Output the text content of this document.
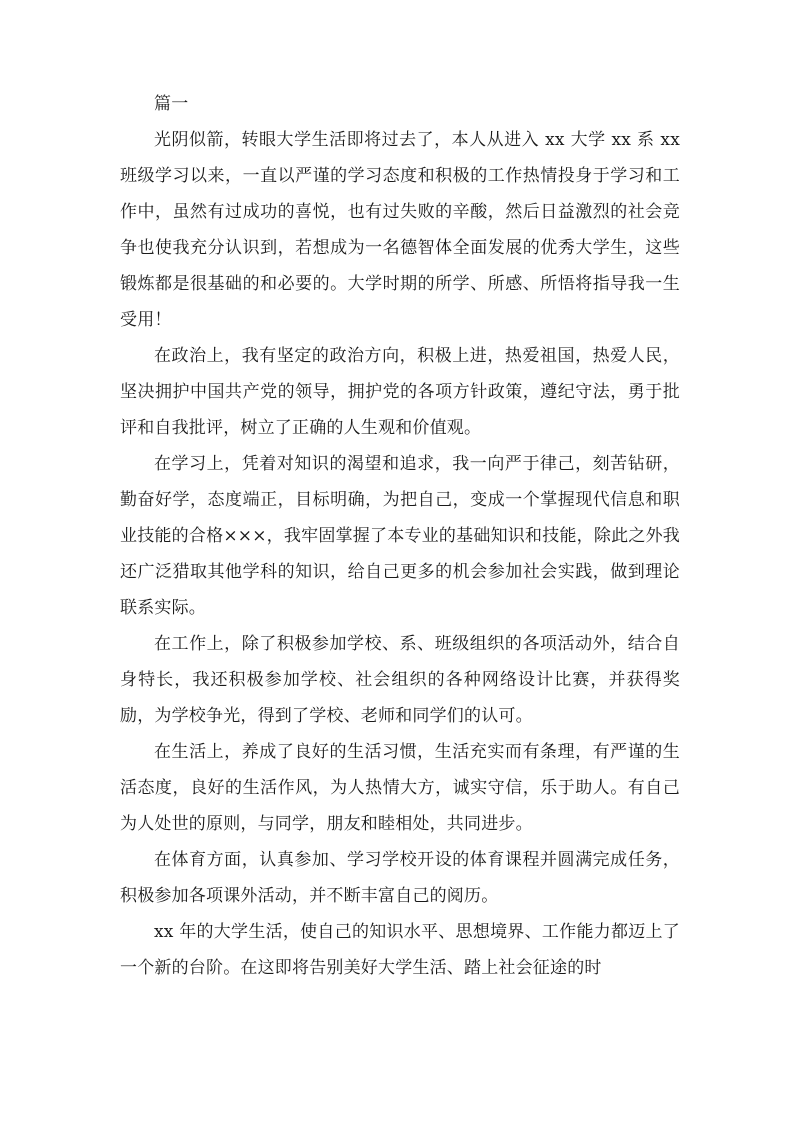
篇一

光阴似箭，转眼大学生活即将过去了，本人从进入 xx 大学 xx 系 xx 班级学习以来，一直以严谨的学习态度和积极的工作热情投身于学习和工作中，虽然有过成功的喜悦，也有过失败的辛酸，然后日益激烈的社会竞争也使我充分认识到，若想成为一名德智体全面发展的优秀大学生，这些锻炼都是很基础的和必要的。大学时期的所学、所感、所悟将指导我一生受用！

在政治上，我有坚定的政治方向，积极上进，热爱祖国，热爱人民，坚决拥护中国共产党的领导，拥护党的各项方针政策，遵纪守法，勇于批评和自我批评，树立了正确的人生观和价值观。

在学习上，凭着对知识的渴望和追求，我一向严于律己，刻苦钻研，勤奋好学，态度端正，目标明确，为把自己，变成一个掌握现代信息和职业技能的合格×××，我牢固掌握了本专业的基础知识和技能，除此之外我还广泛猎取其他学科的知识，给自己更多的机会参加社会实践，做到理论联系实际。

在工作上，除了积极参加学校、系、班级组织的各项活动外，结合自身特长，我还积极参加学校、社会组织的各种网络设计比赛，并获得奖励，为学校争光，得到了学校、老师和同学们的认可。

在生活上，养成了良好的生活习惯，生活充实而有条理，有严谨的生活态度，良好的生活作风，为人热情大方，诚实守信，乐于助人。有自己为人处世的原则，与同学，朋友和睦相处，共同进步。

在体育方面，认真参加、学习学校开设的体育课程并圆满完成任务，积极参加各项课外活动，并不断丰富自己的阅历。

xx 年的大学生活，使自己的知识水平、思想境界、工作能力都迈上了一个新的台阶。在这即将告别美好大学生活、踏上社会征途的时
